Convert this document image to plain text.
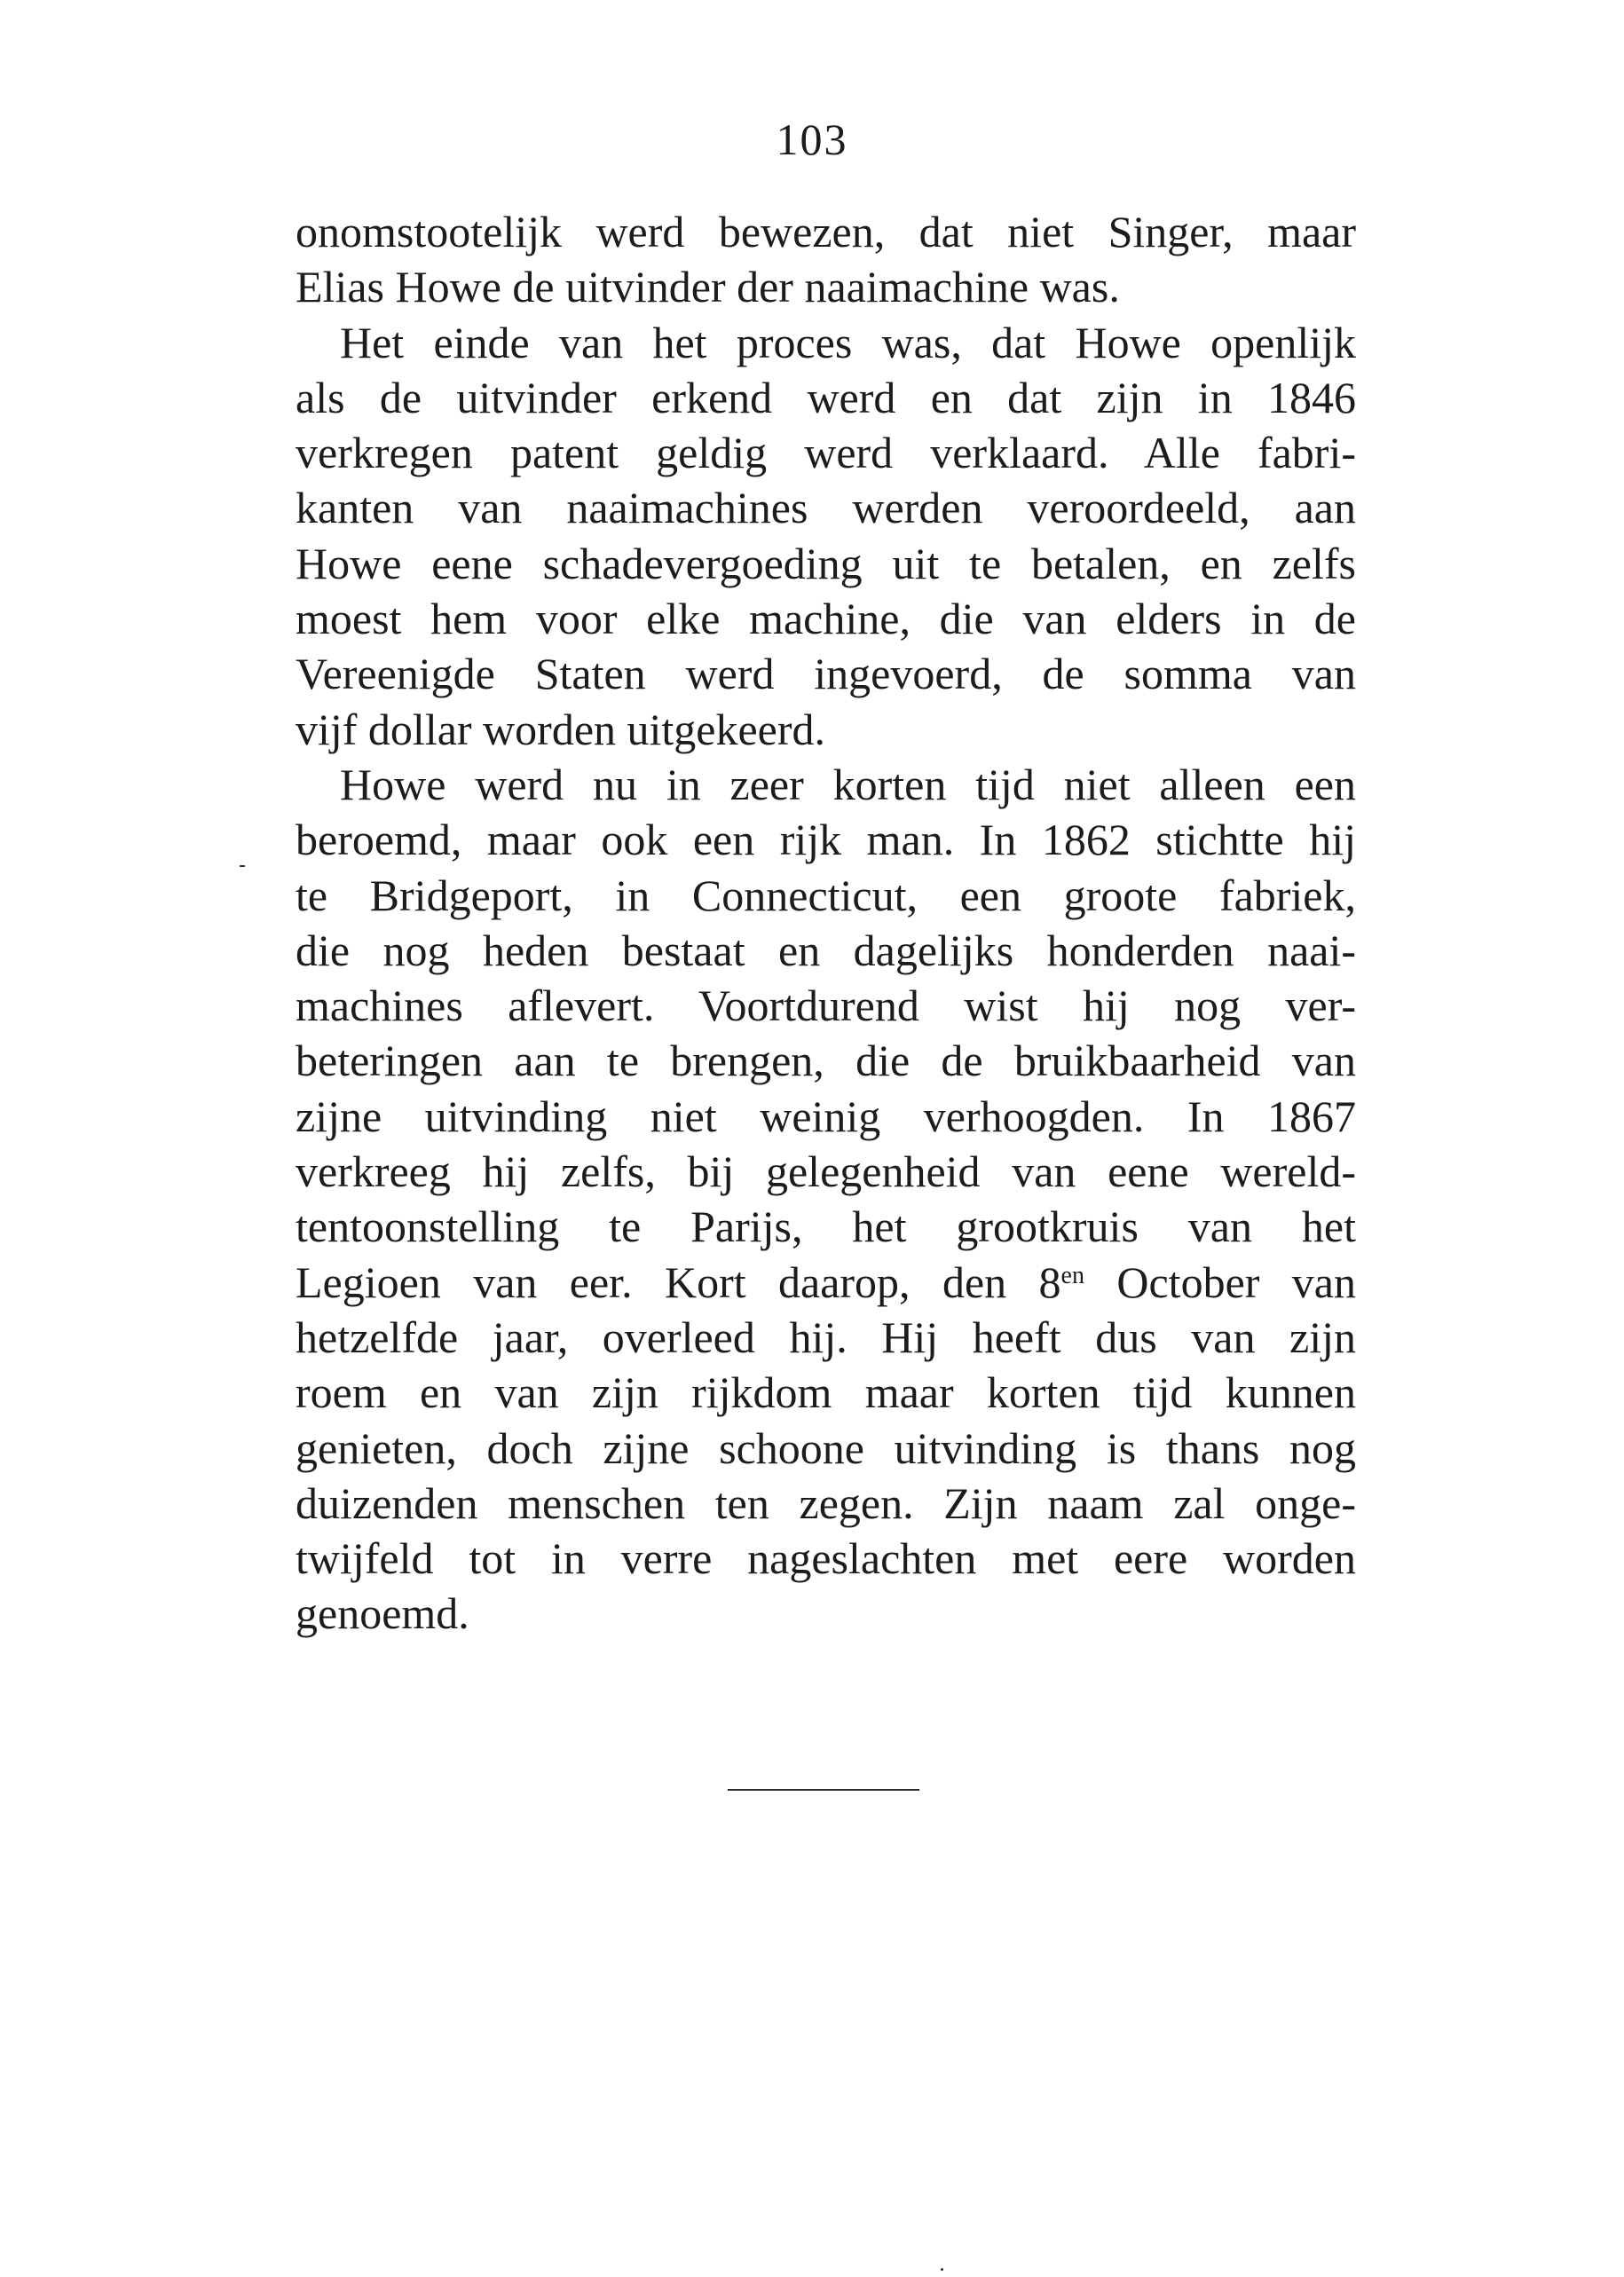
103
onomstootelijk werd bewezen, dat niet Singer, maar
Elias Howe de uitvinder der naaimachine was.
Het einde van het proces was, dat Howe openlijk
als de uitvinder erkend werd en dat zijn in 1846
verkregen patent geldig werd verklaard. Alle fabri-
kanten van naaimachines werden veroordeeld, aan
Howe eene schadevergoeding uit te betalen, en zelfs
moest hem voor elke machine, die van elders in de
Vereenigde Staten werd ingevoerd, de somma van
vijf dollar worden uitgekeerd.
Howe werd nu in zeer korten tijd niet alleen een
beroemd, maar ook een rijk man. In 1862 stichtte hij
te Bridgeport, in Connecticut, een groote fabriek,
die nog heden bestaat en dagelijks honderden naai-
machines aflevert. Voortdurend wist hij nog ver-
beteringen aan te brengen, die de bruikbaarheid van
zijne uitvinding niet weinig verhoogden. In 1867
verkreeg hij zelfs, bij gelegenheid van eene wereld-
tentoonstelling te Parijs, het grootkruis van het
Legioen van eer. Kort daarop, den $8^{en}$ October van
hetzelfde jaar, overleed hij. Hij heeft dus van zijn
roem en van zijn rijkdom maar korten tijd kunnen
genieten, doch zijne schoone uitvinding is thans nog
duizenden menschen ten zegen. Zijn naam zal onge-
twijfeld tot in verre nageslachten met eere worden
genoemd.
